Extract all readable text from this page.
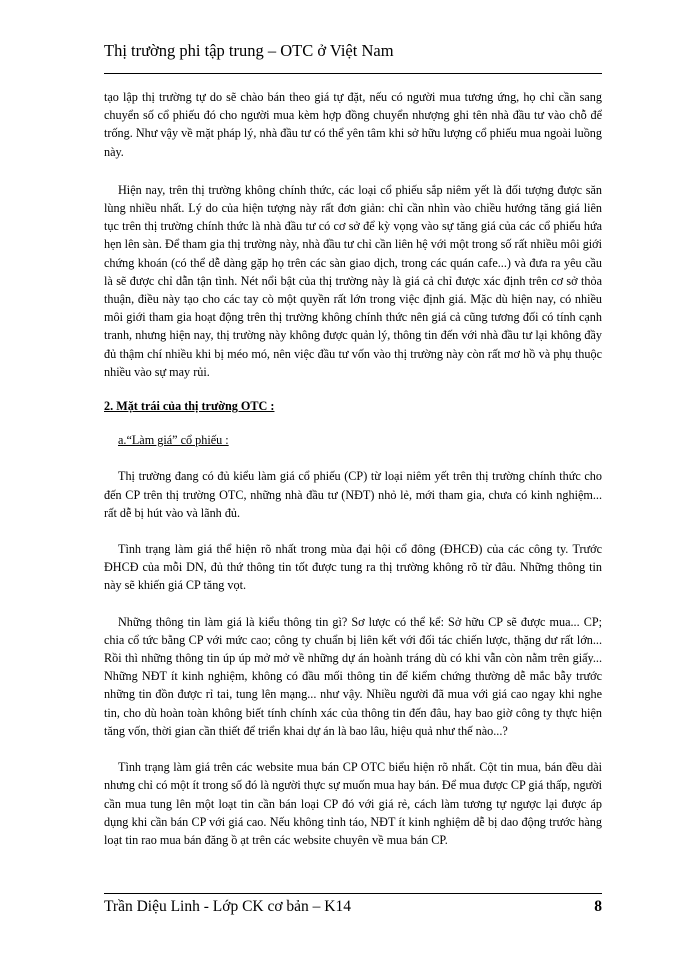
Thị trường phi tập trung – OTC ở Việt Nam

tạo lập thị trường tự do sẽ chào bán theo giá tự đặt, nếu có người mua tương ứng, họ chỉ cần sang chuyển số cổ phiếu đó cho người mua kèm hợp đồng chuyển nhượng ghi tên nhà đầu tư vào chỗ để trống. Như vậy về mặt pháp lý, nhà đầu tư có thể yên tâm khi sở hữu lượng cổ phiếu mua ngoài luồng này.

Hiện nay, trên thị trường không chính thức, các loại cổ phiếu sắp niêm yết là đối tượng được săn lùng nhiều nhất. Lý do của hiện tượng này rất đơn giản: chỉ cần nhìn vào chiều hướng tăng giá liên tục trên thị trường chính thức là nhà đầu tư có cơ sở để kỳ vọng vào sự tăng giá của các cổ phiếu hứa hẹn lên sàn. Để tham gia thị trường này, nhà đầu tư chỉ cần liên hệ với một trong số rất nhiều môi giới chứng khoán (có thể dễ dàng gặp họ trên các sàn giao dịch, trong các quán cafe...) và đưa ra yêu cầu là sẽ được chỉ dẫn tận tình. Nét nổi bật của thị trường này là giá cả chỉ được xác định trên cơ sở thỏa thuận, điều này tạo cho các tay cò một quyền rất lớn trong việc định giá. Mặc dù hiện nay, có nhiều môi giới tham gia hoạt động trên thị trường không chính thức nên giá cả cũng tương đối có tính cạnh tranh, nhưng hiện nay, thị trường này không được quản lý, thông tin đến với nhà đầu tư lại không đầy đủ thậm chí nhiều khi bị méo mó, nên việc đầu tư vốn vào thị trường này còn rất mơ hồ và phụ thuộc nhiều vào sự may rủi.

2. Mặt trái của thị trường OTC :

a.“Làm giá” cổ phiếu :

Thị trường đang có đủ kiểu làm giá cổ phiếu (CP) từ loại niêm yết trên thị trường chính thức cho đến CP trên thị trường OTC, những nhà đầu tư (NĐT) nhỏ lẻ, mới tham gia, chưa có kinh nghiệm... rất dễ bị hút vào và lãnh đủ.

Tình trạng làm giá thể hiện rõ nhất trong mùa đại hội cổ đông (ĐHCĐ) của các công ty. Trước ĐHCĐ của mỗi DN, đủ thứ thông tin tốt được tung ra thị trường không rõ từ đâu. Những thông tin này sẽ khiến giá CP tăng vọt.

Những thông tin làm giá là kiểu thông tin gì? Sơ lược có thể kể: Sở hữu CP sẽ được mua... CP; chia cổ tức bằng CP với mức cao; công ty chuẩn bị liên kết với đối tác chiến lược, thặng dư rất lớn... Rồi thì những thông tin úp úp mở mở về những dự án hoành tráng dù có khi vẫn còn nằm trên giấy... Những NĐT ít kinh nghiệm, không có đầu mối thông tin để kiểm chứng thường dễ mắc bẫy trước những tin đồn được rỉ tai, tung lên mạng... như vậy. Nhiều người đã mua với giá cao ngay khi nghe tin, cho dù hoàn toàn không biết tính chính xác của thông tin đến đâu, hay bao giờ công ty thực hiện tăng vốn, thời gian cần thiết để triển khai dự án là bao lâu, hiệu quả như thế nào...?

Tình trạng làm giá trên các website mua bán CP OTC biểu hiện rõ nhất. Cột tin mua, bán đều dài nhưng chỉ có một ít trong số đó là người thực sự muốn mua hay bán. Để mua được CP giá thấp, người cần mua tung lên một loạt tin cần bán loại CP đó với giá rẻ, cách làm tương tự ngược lại được áp dụng khi cần bán CP với giá cao. Nếu không tỉnh táo, NĐT ít kinh nghiệm dễ bị dao động trước hàng loạt tin rao mua bán đăng ồ ạt trên các website chuyên về mua bán CP.

Trần Diệu Linh - Lớp CK cơ bản – K14	8
